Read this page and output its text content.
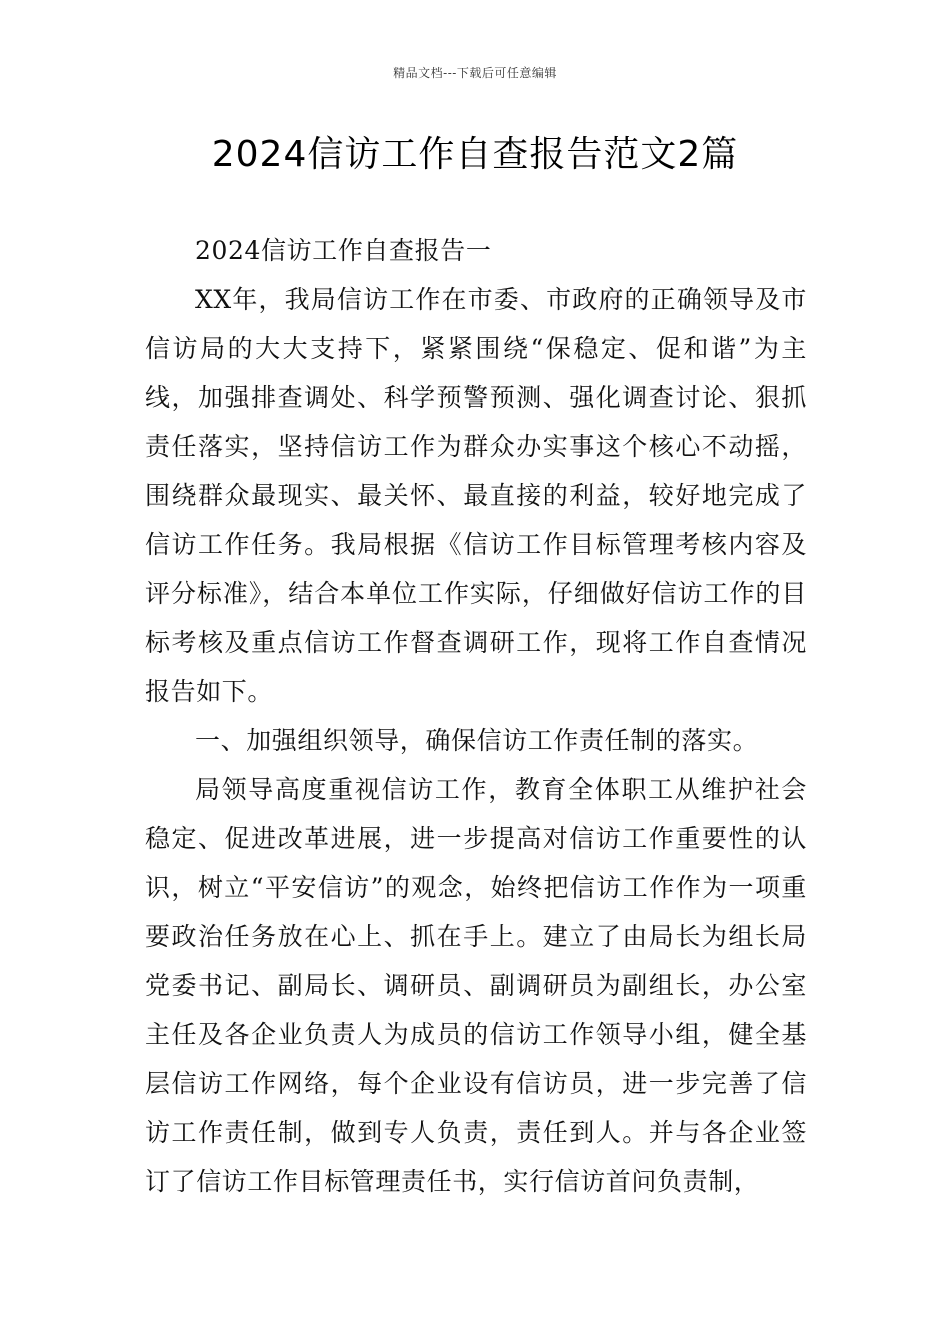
精品文档---下载后可任意编辑
2024信访工作自查报告范文2篇

2024信访工作自查报告一

XX年，我局信访工作在市委、市政府的正确领导及市信访局的大大支持下，紧紧围绕“保稳定、促和谐”为主线，加强排查调处、科学预警预测、强化调查讨论、狠抓责任落实，坚持信访工作为群众办实事这个核心不动摇，围绕群众最现实、最关怀、最直接的利益，较好地完成了信访工作任务。我局根据《信访工作目标管理考核内容及评分标准》，结合本单位工作实际，仔细做好信访工作的目标考核及重点信访工作督查调研工作，现将工作自查情况报告如下。

一、加强组织领导，确保信访工作责任制的落实。

局领导高度重视信访工作，教育全体职工从维护社会稳定、促进改革进展，进一步提高对信访工作重要性的认识，树立“平安信访”的观念，始终把信访工作作为一项重要政治任务放在心上、抓在手上。建立了由局长为组长局党委书记、副局长、调研员、副调研员为副组长，办公室主任及各企业负责人为成员的信访工作领导小组，健全基层信访工作网络，每个企业设有信访员，进一步完善了信访工作责任制，做到专人负责，责任到人。并与各企业签订了信访工作目标管理责任书，实行信访首问负责制，
